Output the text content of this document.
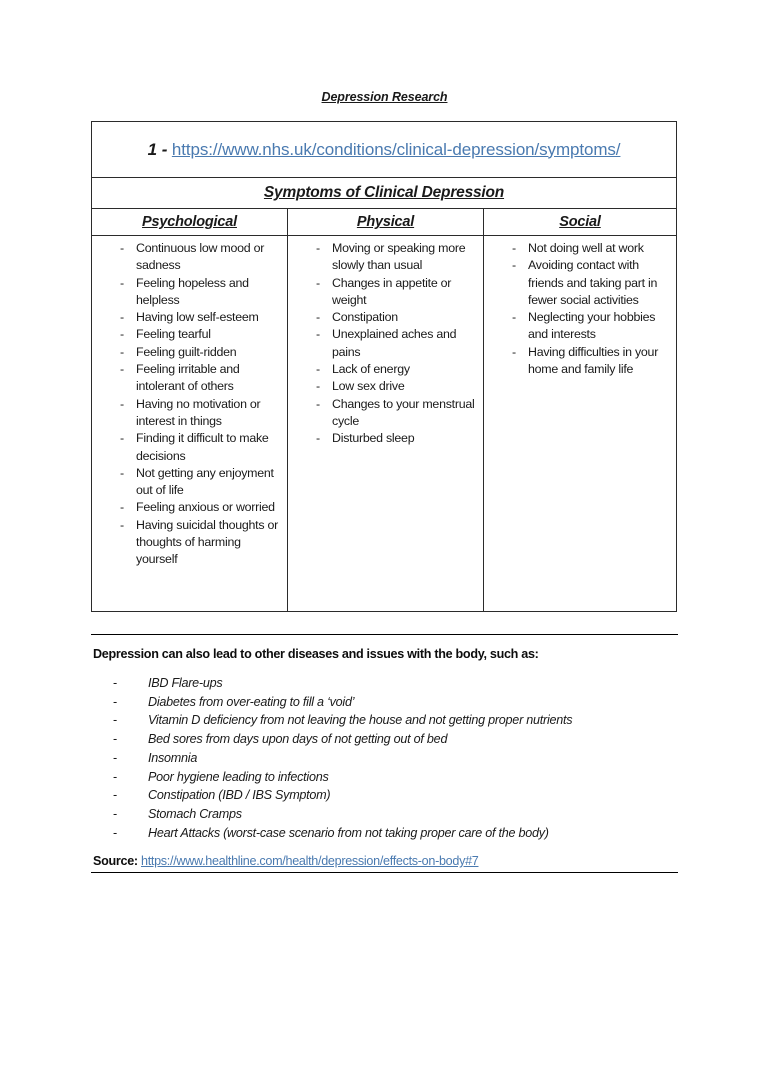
Depression Research
1 - https://www.nhs.uk/conditions/clinical-depression/symptoms/		
Symptoms of Clinical Depression		
Psychological	Physical	Social

- Continuous low mood or sadness
- Feeling hopeless and helpless
- Having low self-esteem
- Feeling tearful
- Feeling guilt-ridden
- Feeling irritable and intolerant of others
- Having no motivation or interest in things
- Finding it difficult to make decisions
- Not getting any enjoyment out of life
- Feeling anxious or worried
- Having suicidal thoughts or thoughts of harming yourself

- Moving or speaking more slowly than usual
- Changes in appetite or weight
- Constipation
- Unexplained aches and pains
- Lack of energy
- Low sex drive
- Changes to your menstrual cycle
- Disturbed sleep

- Not doing well at work
- Avoiding contact with friends and taking part in fewer social activities
- Neglecting your hobbies and interests
- Having difficulties in your home and family life
Depression can also lead to other diseases and issues with the body, such as:
- IBD Flare-ups
- Diabetes from over-eating to fill a ‘void’
- Vitamin D deficiency from not leaving the house and not getting proper nutrients
- Bed sores from days upon days of not getting out of bed
- Insomnia
- Poor hygiene leading to infections
- Constipation (IBD / IBS Symptom)
- Stomach Cramps
- Heart Attacks (worst-case scenario from not taking proper care of the body)
Source: https://www.healthline.com/health/depression/effects-on-body#7
